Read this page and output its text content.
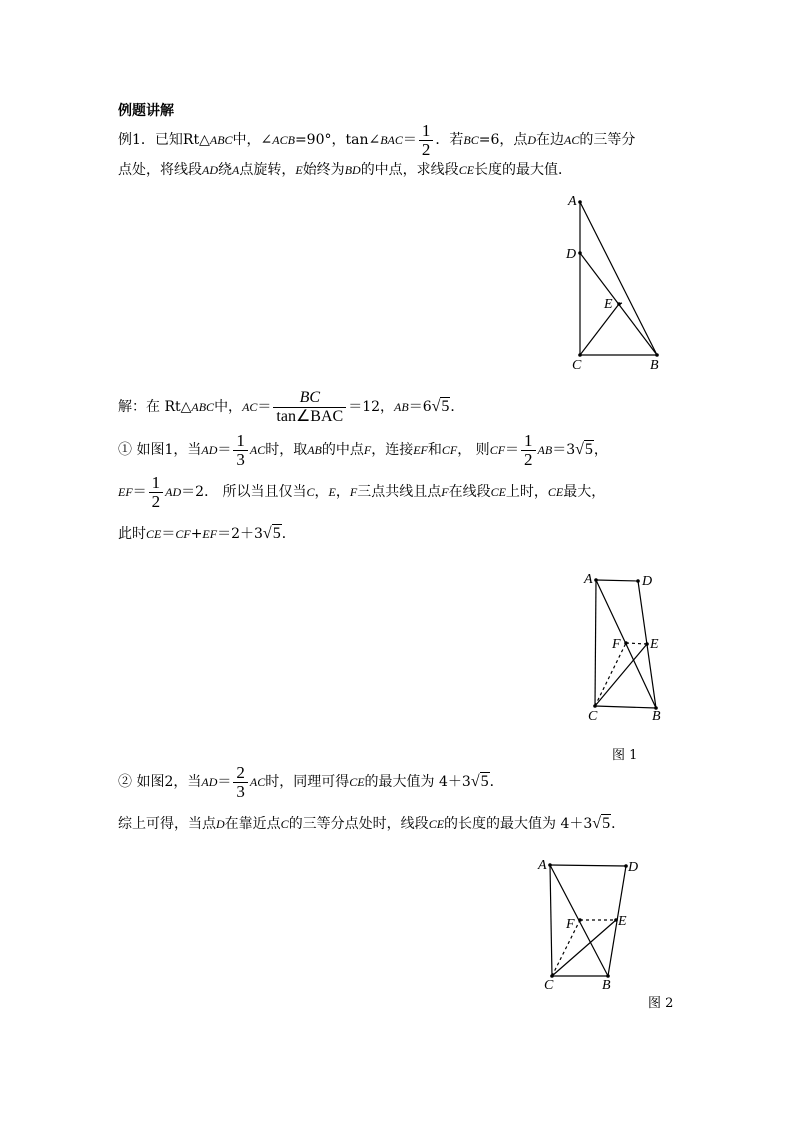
例题讲解
例1．已知Rt△ABC中，∠ACB=90°，tan∠BAC＝ $\frac{1}{2}$ ．若BC=6，点D在边AC的三等分
点处，将线段AD绕A点旋转，E始终为BD的中点，求线段CE长度的最大值．
A
D
E
C	B
解：在 Rt△ABC中，$AC= \frac{BC}{\text{tan∠BAC}} =12$，AB＝6√5．
① 如图1，当$AD= \frac{1}{3}$ AC时，取AB的中点F，连接EF和CF， 则$CF= \frac{1}{2} AB=3√5$，
$EF= \frac{1}{2} AD=2$． 所以当且仅当C，E，F三点共线且点F在线段CE上时，CE最大，
此时CE＝CF+EF＝2＋3√5．
A	D
F E
C	B
图 1
② 如图2，当$AD= \frac{2}{3}$ AC时，同理可得CE的最大值为 4＋3√5．
综上可得，当点D在靠近点C的三等分点处时，线段CE的长度的最大值为 4＋3√5．
A	D
F	E
C	B
图 2
